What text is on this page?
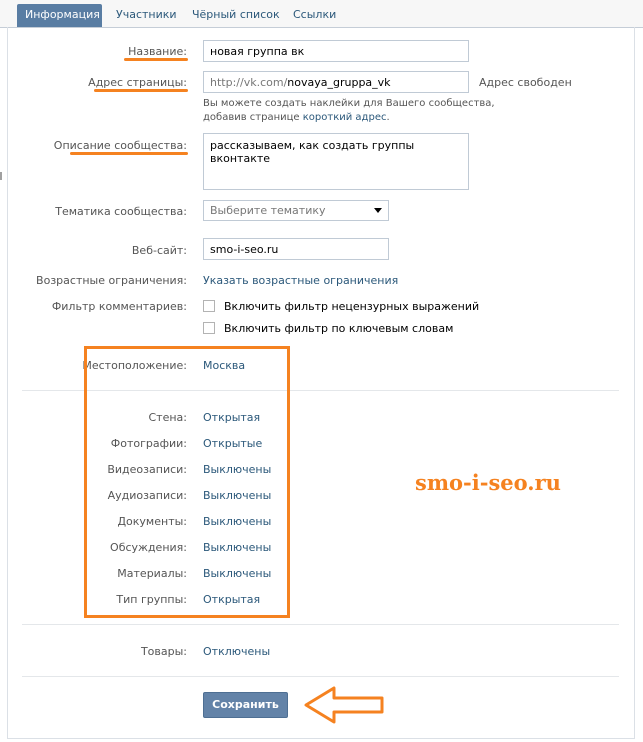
Информация Участники Чёрный список Ссылки
Название: новая группа вк
Адрес страницы: http://vk.com/ novaya_gruppa_vk	Адрес свободен
Вы можете создать наклейки для Вашего сообщества,
добавив странице короткий адрес.
Описание сообщества: рассказываем, как создать группы вконтакте
Тематика сообщества: Выберите тематику
Веб-сайт: smo-i-seo.ru
Возрастные ограничения: Указать возрастные ограничения
Фильтр комментариев:	Включить фильтр нецензурных выражений
Включить фильтр по ключевым словам
Местоположение: Москва
Стена: Открытая
Фотографии: Открытые
Видеозаписи: Выключены
Аудиозаписи: Выключены
Документы: Выключены
Обсуждения: Выключены
Материалы: Выключены
Тип группы: Открытая
smo-i-seo.ru
Товары: Отключены
Сохранить
